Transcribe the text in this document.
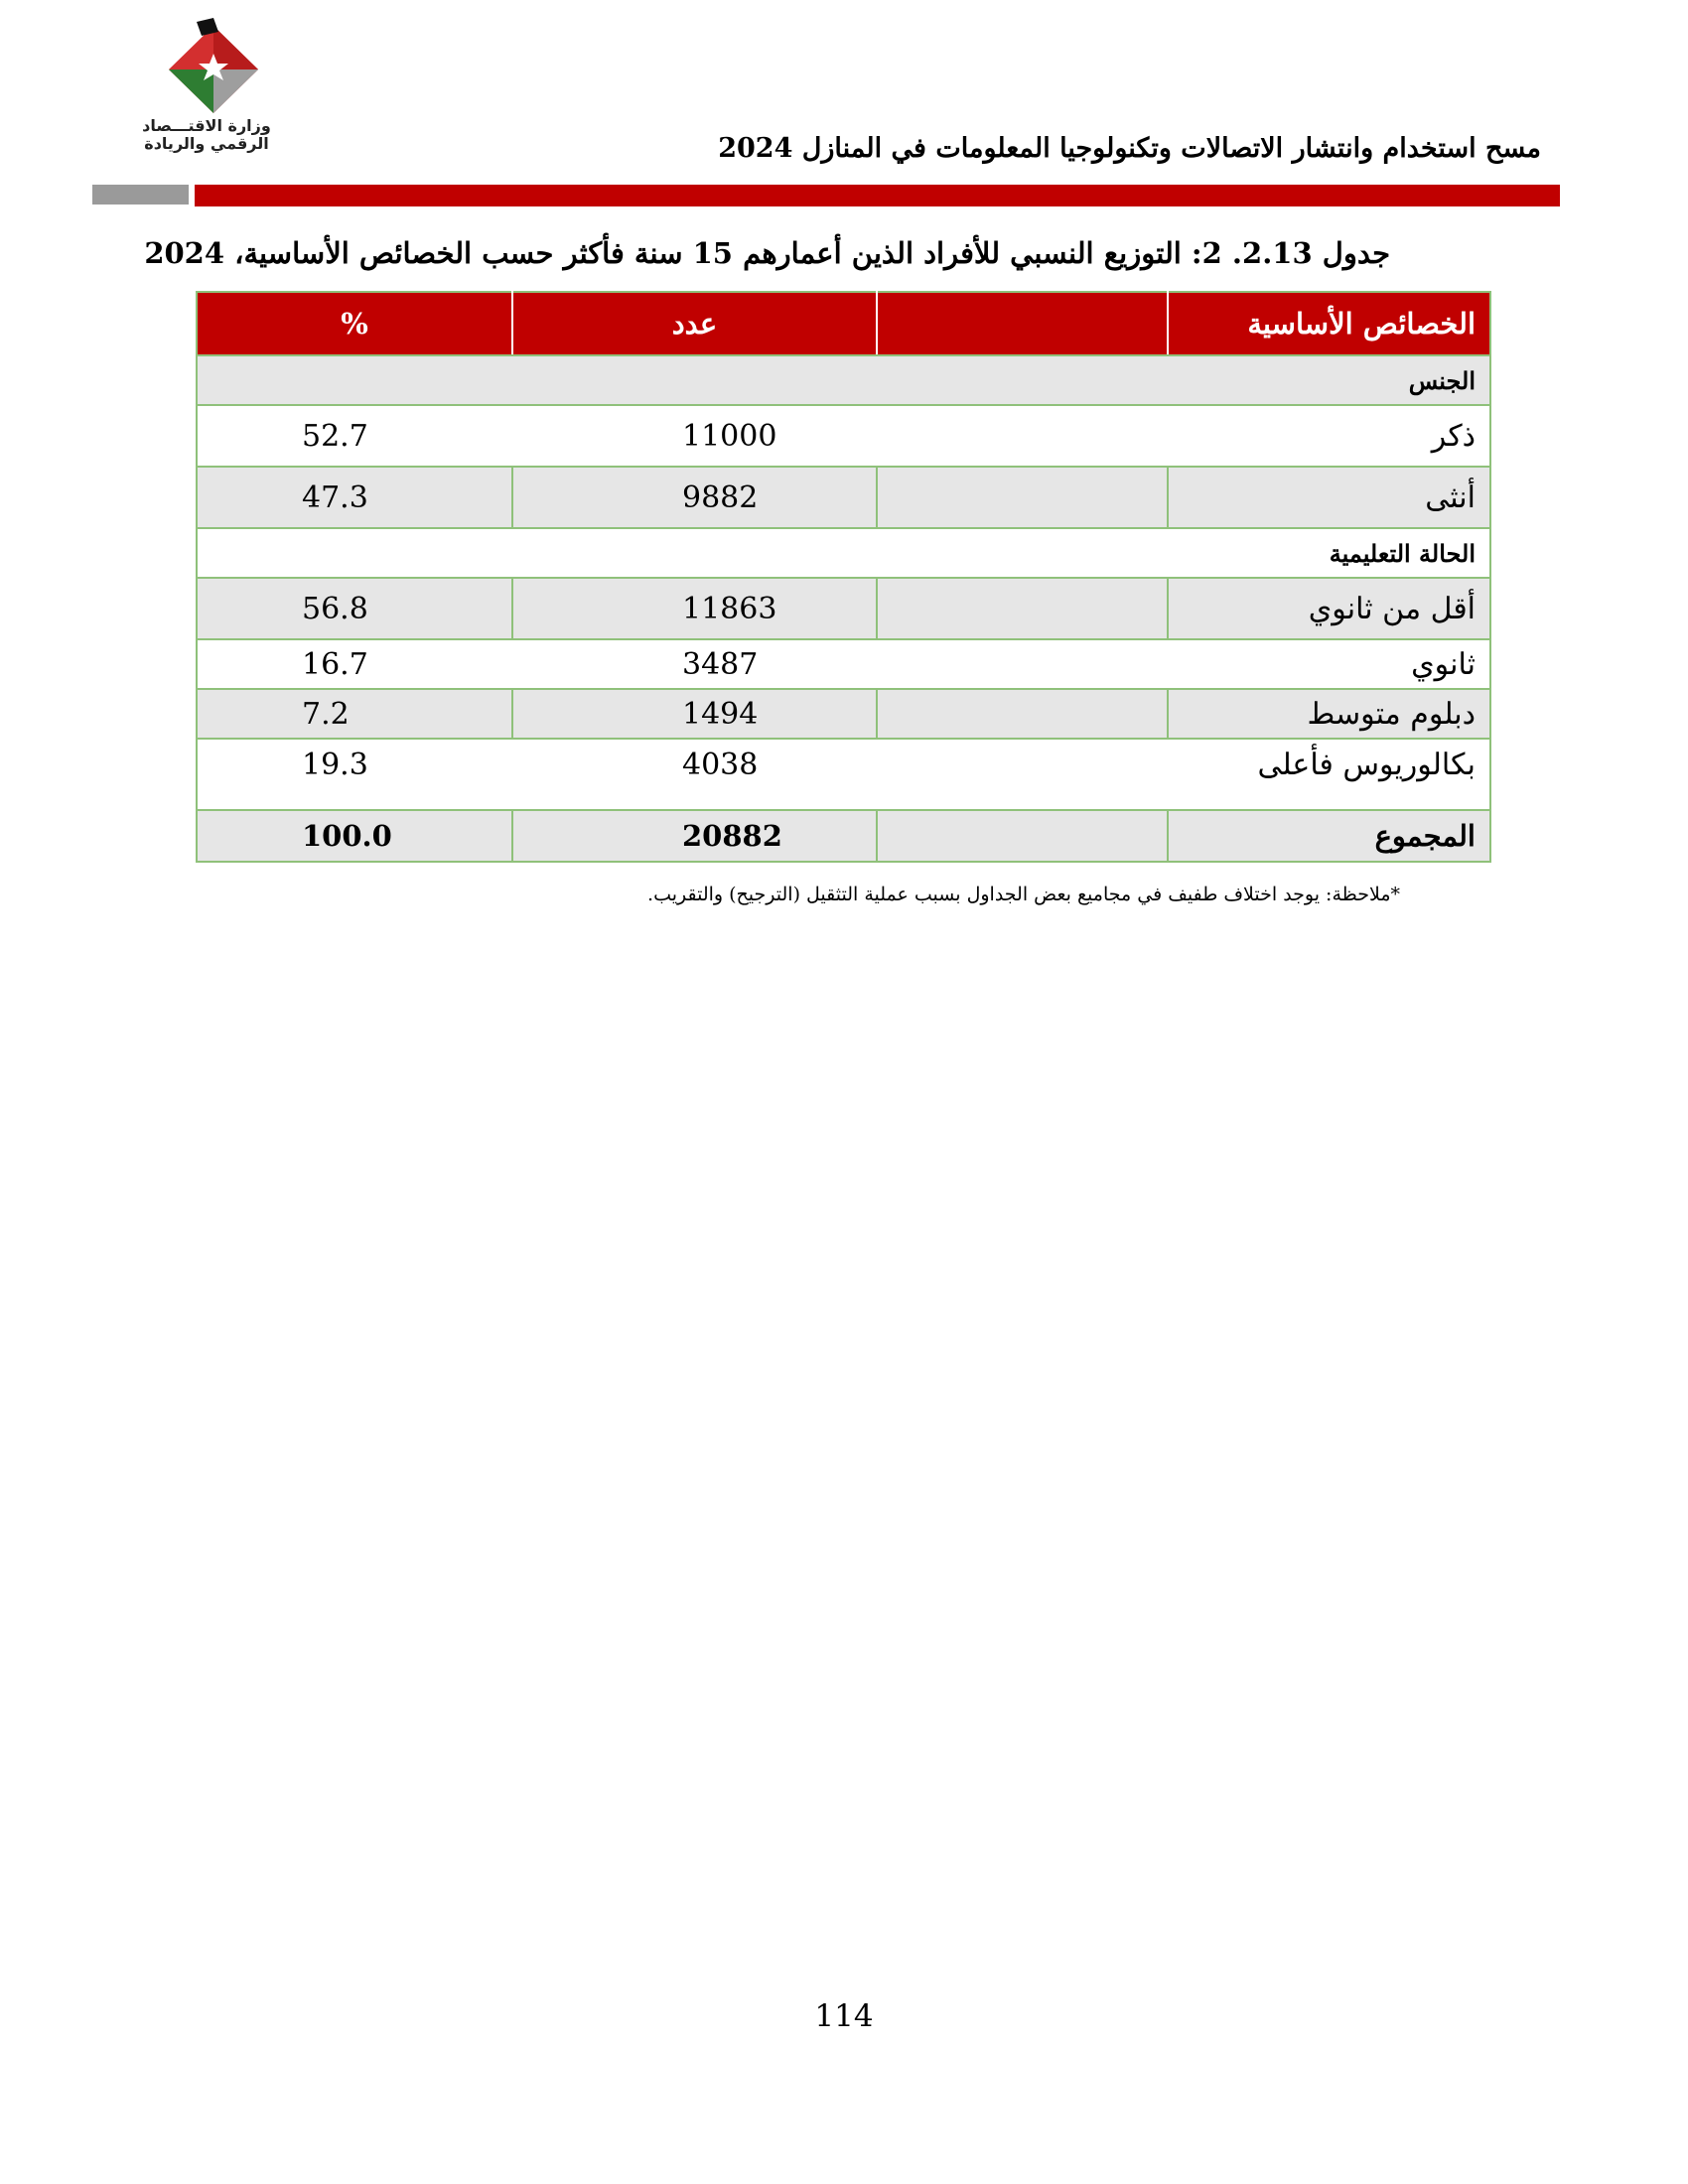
وزارة الاقتـــصاد
الرقمي والريادة	مسح استخدام وانتشار الاتصالات وتكنولوجيا المعلومات في المنازل 2024
جدول 2.13. 2: التوزيع النسبي للأفراد الذين أعمارهم 15 سنة فأكثر حسب الخصائص الأساسية، 2024
الخصائص الأساسية		عدد	%
الجنس			
ذكر		11000	52.7
أنثى		9882	47.3
الحالة التعليمية			
أقل من ثانوي		11863	56.8
ثانوي		3487	16.7
دبلوم متوسط		1494	7.2
بكالوريوس فأعلى		4038	19.3
المجموع		20882	100.0
*ملاحظة: يوجد اختلاف طفيف في مجاميع بعض الجداول بسبب عملية التثقيل (الترجيح) والتقريب.
114
